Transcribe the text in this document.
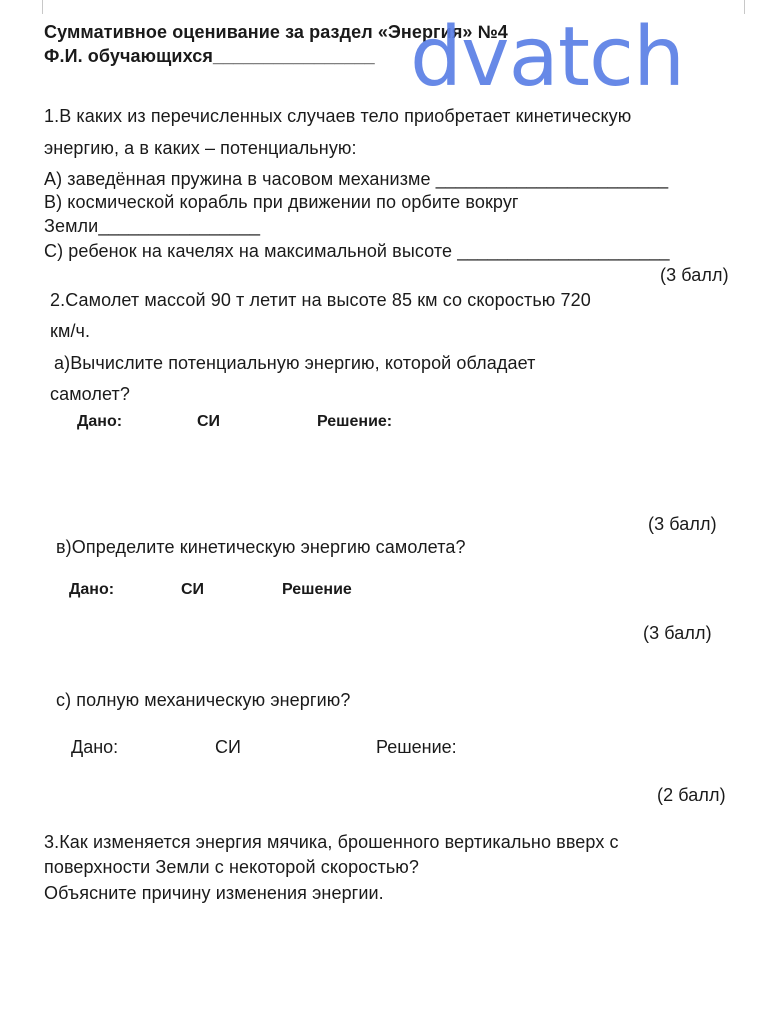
Суммативное оценивание за раздел «Энергия» №4
Ф.И. обучающихся________________
1.В каких из перечисленных случаев тело приобретает кинетическую
энергию, а в каких – потенциальную:
А) заведённая пружина в часовом механизме _______________________
В) космической корабль при движении по орбите вокруг
Земли________________
С) ребенок на качелях на максимальной высоте _____________________
(3 балл)
2.Самолет массой 90 т летит на высоте 85 км со скоростью 720
км/ч.
а)Вычислите потенциальную энергию, которой обладает
самолет?
Дано:	СИ	Решение:
(3 балл)
в)Определите кинетическую энергию самолета?
Дано:	СИ	Решение
(3 балл)
с) полную механическую энергию?
Дано:	СИ	Решение:
(2 балл)
3.Как изменяется энергия мячика, брошенного вертикально вверх с
поверхности Земли с некоторой скоростью?
Объясните причину изменения энергии.
dvatch
